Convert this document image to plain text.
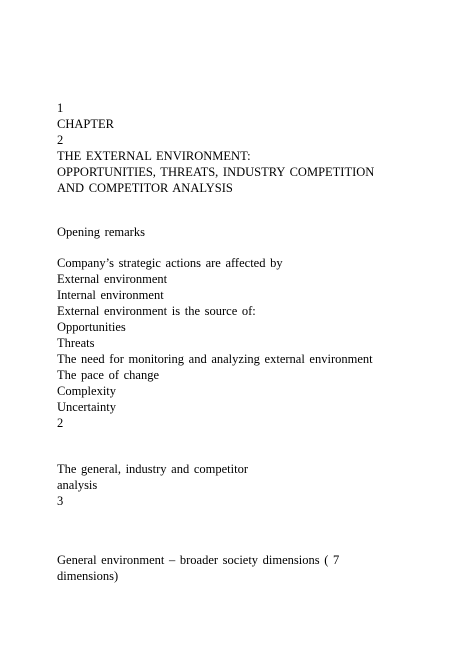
1
CHAPTER
2
THE EXTERNAL ENVIRONMENT:
OPPORTUNITIES, THREATS, INDUSTRY COMPETITION
AND COMPETITOR ANALYSIS
Opening remarks
Company’s strategic actions are affected by
External environment
Internal environment
External environment is the source of:
Opportunities
Threats
The need for monitoring and analyzing external environment
The pace of change
Complexity
Uncertainty
2
The general, industry and competitor
analysis
3
General environment – broader society dimensions ( 7
dimensions)
